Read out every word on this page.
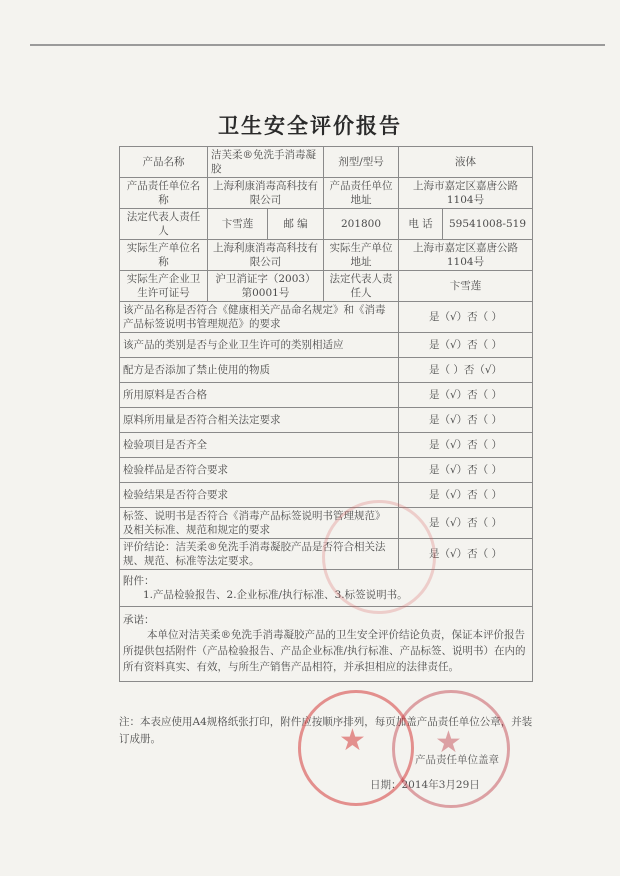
卫生安全评价报告
产品名称	洁芙柔®免洗手消毒凝胶		剂型/型号	液体	
产品责任单位名称	上海利康消毒高科技有限公司		产品责任单位地址	上海市嘉定区嘉唐公路1104号	
法定代表人责任人	卞雪莲	邮 编	201800	电 话	59541008-519
实际生产单位名称	上海利康消毒高科技有限公司		实际生产单位地址	上海市嘉定区嘉唐公路1104号	
实际生产企业卫生许可证号	沪卫消证字（2003）第0001号		法定代表人责任人	卞雪莲	
该产品名称是否符合《健康相关产品命名规定》和《消毒产品标签说明书管理规范》的要求				是（√）否（ ）	
该产品的类别是否与企业卫生许可的类别相适应				是（√）否（ ）	
配方是否添加了禁止使用的物质				是（ ）否（√）	
所用原料是否合格				是（√）否（ ）	
原料所用量是否符合相关法定要求				是（√）否（ ）	
检验项目是否齐全				是（√）否（ ）	
检验样品是否符合要求				是（√）否（ ）	
检验结果是否符合要求				是（√）否（ ）	
标签、说明书是否符合《消毒产品标签说明书管理规范》及相关标准、规范和规定的要求				是（√）否（ ）	
评价结论：洁芙柔®免洗手消毒凝胶产品是否符合相关法规、规范、标准等法定要求。				是（√）否（ ）	

附件：
1.产品检验报告、2.企业标准/执行标准、3.标签说明书。					

承诺：
本单位对洁芙柔®免洗手消毒凝胶产品的卫生安全评价结论负责，保证本评价报告所提供包括附件（产品检验报告、产品企业标准/执行标准、产品标签、说明书）在内的所有资料真实、有效，与所生产销售产品相符，并承担相应的法律责任。					
注：本表应使用A4规格纸张打印，附件应按顺序排列，每页加盖产品责任单位公章，并装订成册。
产品责任单位盖章
日期：2014年3月29日
★ ★
